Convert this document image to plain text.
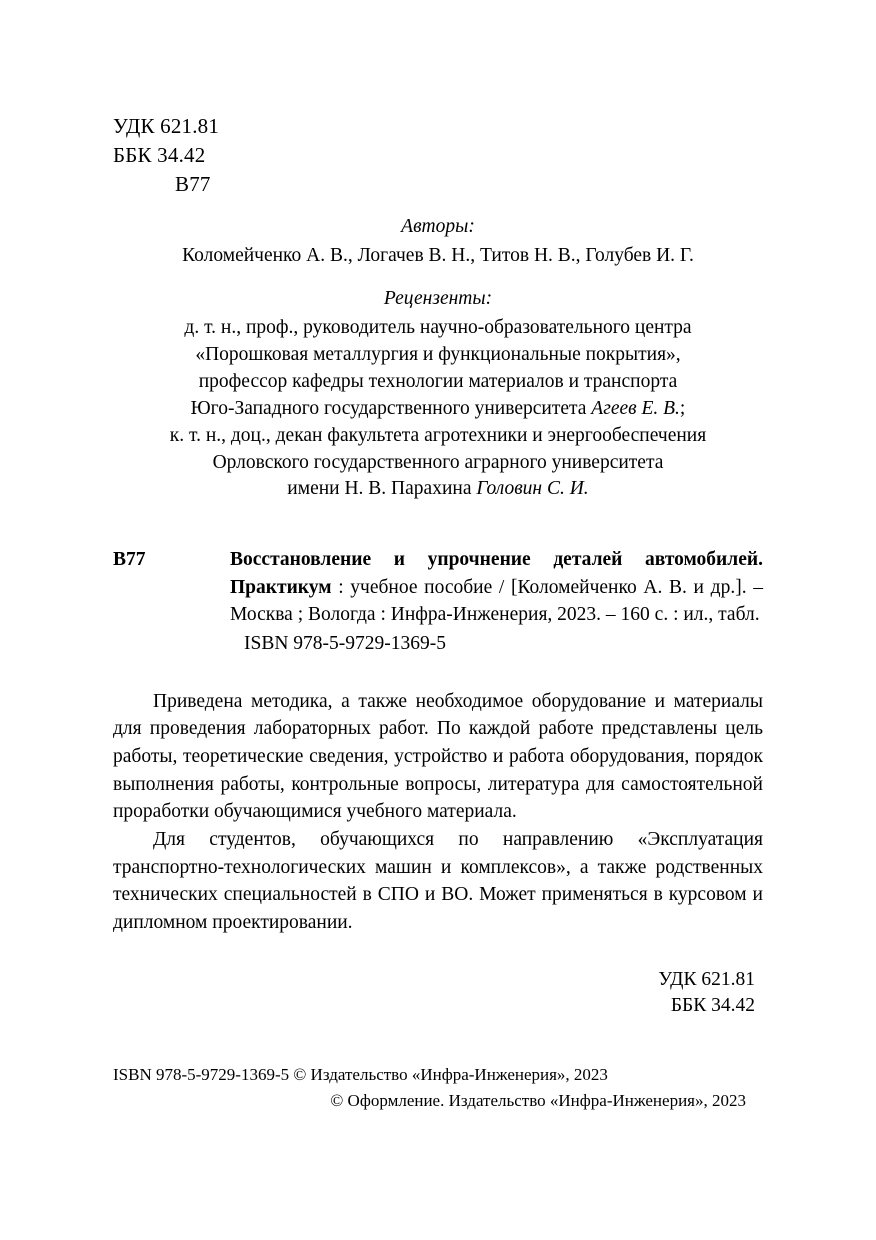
УДК 621.81
ББК 34.42
В77
Авторы:
Коломейченко А. В., Логачев В. Н., Титов Н. В., Голубев И. Г.
Рецензенты:
д. т. н., проф., руководитель научно-образовательного центра
«Порошковая металлургия и функциональные покрытия»,
профессор кафедры технологии материалов и транспорта
Юго-Западного государственного университета Агеев Е. В.;
к. т. н., доц., декан факультета агротехники и энергообеспечения
Орловского государственного аграрного университета
имени Н. В. Парахина Головин С. И.
В77	Восстановление и упрочнение деталей автомобилей. Практикум : учебное пособие / [Коломейченко А. В. и др.]. – Москва ; Вологда : Инфра-Инженерия, 2023. – 160 с. : ил., табл.
ISBN 978-5-9729-1369-5

Приведена методика, а также необходимое оборудование и материалы для проведения лабораторных работ. По каждой работе представлены цель работы, теоретические сведения, устройство и работа оборудования, порядок выполнения работы, контрольные вопросы, литература для самостоятельной проработки обучающимися учебного материала.

Для студентов, обучающихся по направлению «Эксплуатация транспортно-технологических машин и комплексов», а также родственных технических специальностей в СПО и ВО. Может применяться в курсовом и дипломном проектировании.

УДК 621.81
ББК 34.42
ISBN 978-5-9729-1369-5 © Издательство «Инфра-Инженерия», 2023
© Оформление. Издательство «Инфра-Инженерия», 2023
